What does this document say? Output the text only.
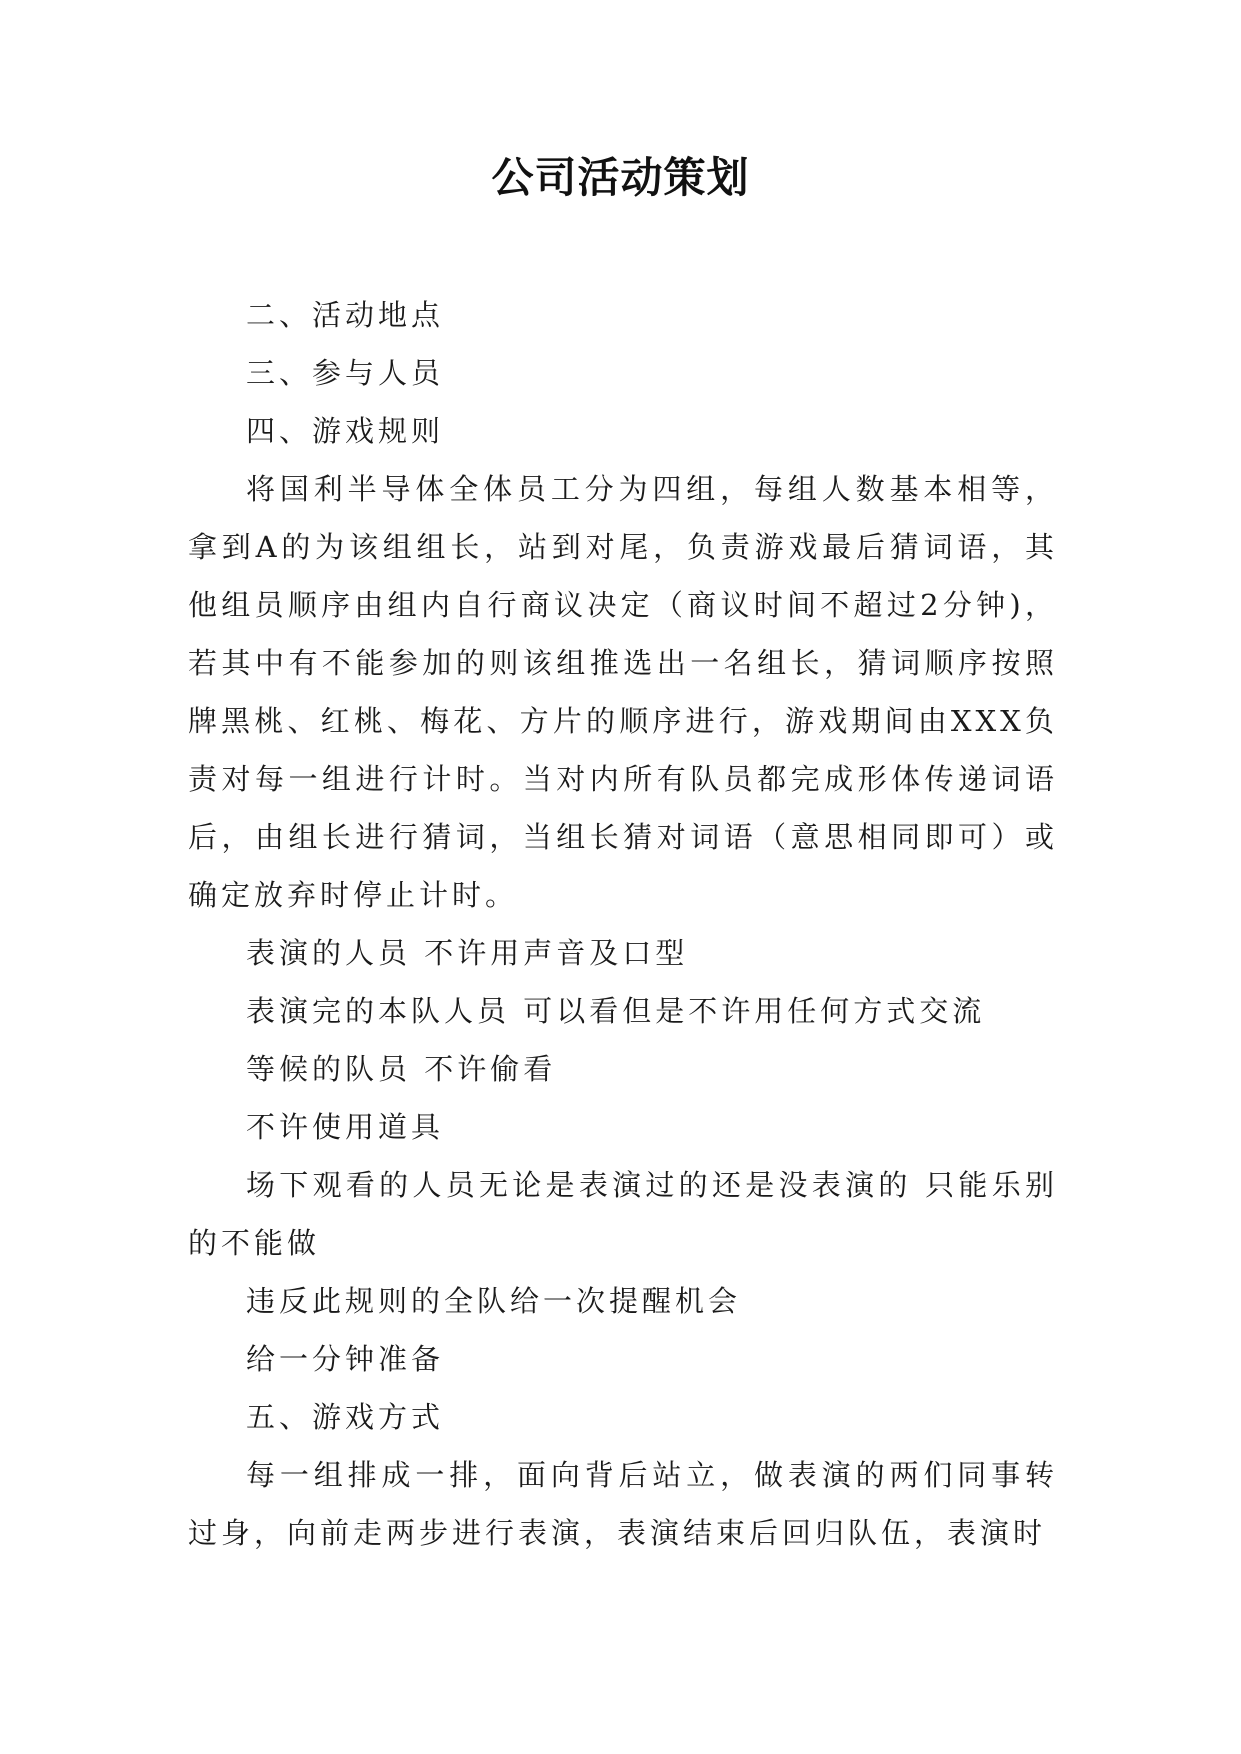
公司活动策划

二、活动地点

三、参与人员

四、游戏规则

将国利半导体全体员工分为四组，每组人数基本相等，拿到A的为该组组长，站到对尾，负责游戏最后猜词语，其他组员顺序由组内自行商议决定（商议时间不超过2分钟)，若其中有不能参加的则该组推选出一名组长，猜词顺序按照牌黑桃、红桃、梅花、方片的顺序进行，游戏期间由XXX负责对每一组进行计时。当对内所有队员都完成形体传递词语后，由组长进行猜词，当组长猜对词语（意思相同即可）或确定放弃时停止计时。

表演的人员 不许用声音及口型

表演完的本队人员 可以看但是不许用任何方式交流

等候的队员 不许偷看

不许使用道具

场下观看的人员无论是表演过的还是没表演的 只能乐别的不能做

违反此规则的全队给一次提醒机会

给一分钟准备

五、游戏方式

每一组排成一排，面向背后站立，做表演的两们同事转过身，向前走两步进行表演，表演结束后回归队伍，表演时
